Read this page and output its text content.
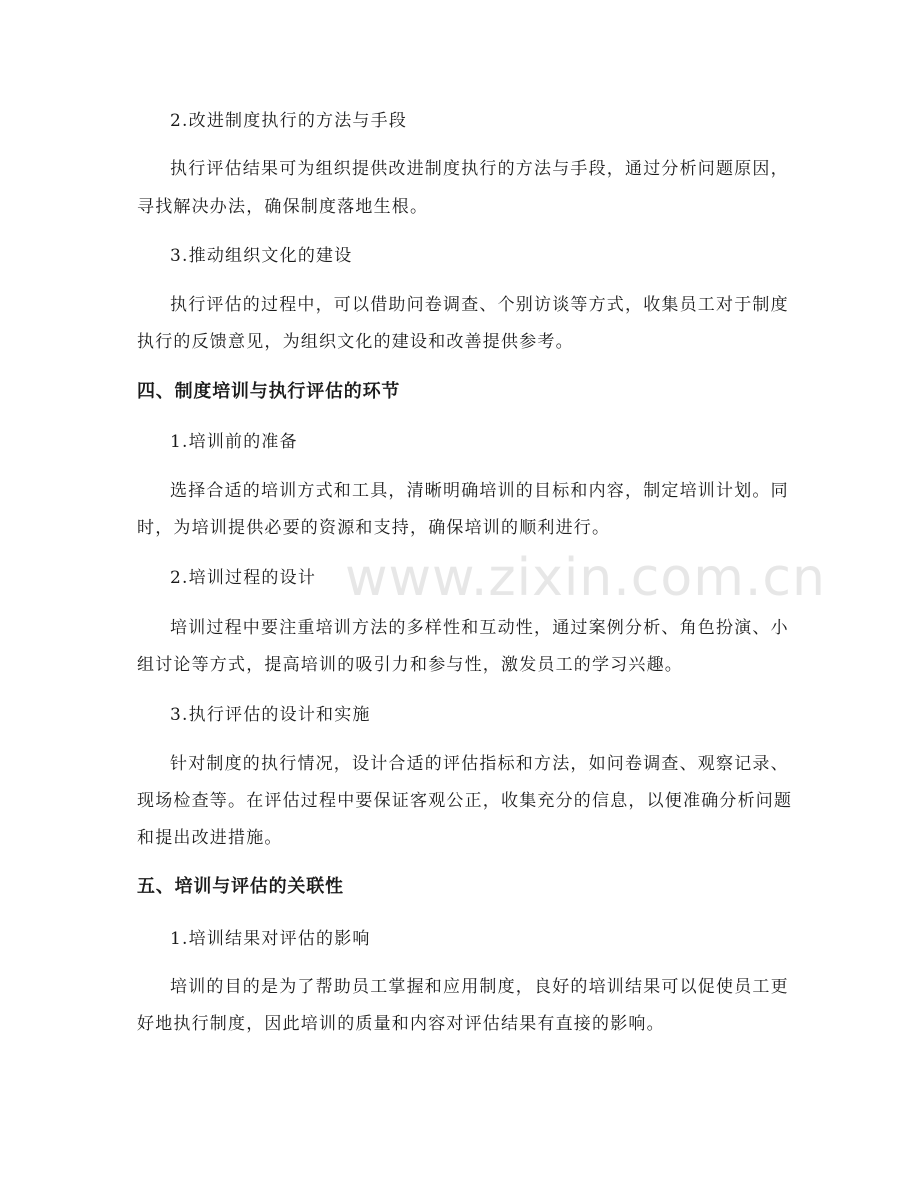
www.zixin.com.cn
2.改进制度执行的方法与手段
执行评估结果可为组织提供改进制度执行的方法与手段，通过分析问题原因，
寻找解决办法，确保制度落地生根。
3.推动组织文化的建设
执行评估的过程中，可以借助问卷调查、个别访谈等方式，收集员工对于制度
执行的反馈意见，为组织文化的建设和改善提供参考。
四、制度培训与执行评估的环节
1.培训前的准备
选择合适的培训方式和工具，清晰明确培训的目标和内容，制定培训计划。同
时，为培训提供必要的资源和支持，确保培训的顺利进行。
2.培训过程的设计
培训过程中要注重培训方法的多样性和互动性，通过案例分析、角色扮演、小
组讨论等方式，提高培训的吸引力和参与性，激发员工的学习兴趣。
3.执行评估的设计和实施
针对制度的执行情况，设计合适的评估指标和方法，如问卷调查、观察记录、
现场检查等。在评估过程中要保证客观公正，收集充分的信息，以便准确分析问题
和提出改进措施。
五、培训与评估的关联性
1.培训结果对评估的影响
培训的目的是为了帮助员工掌握和应用制度，良好的培训结果可以促使员工更
好地执行制度，因此培训的质量和内容对评估结果有直接的影响。
